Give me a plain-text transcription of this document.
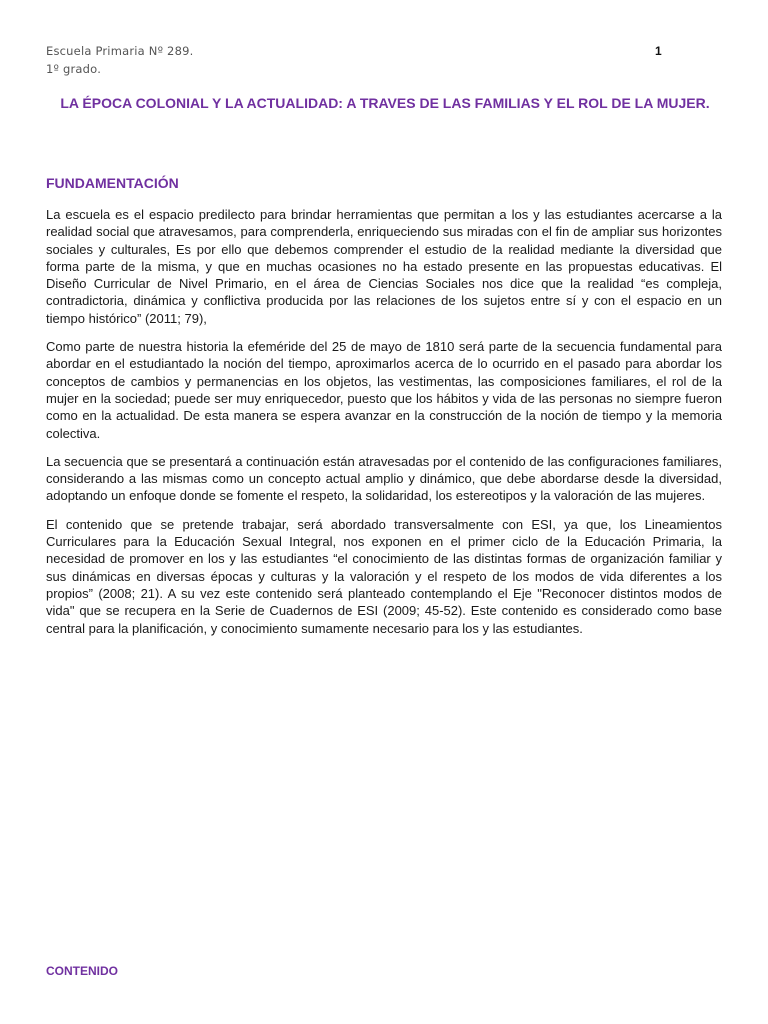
Escuela Primaria Nº 289.
1º grado.
1
LA ÉPOCA COLONIAL Y LA ACTUALIDAD: A TRAVES DE LAS FAMILIAS Y EL ROL DE LA MUJER.
FUNDAMENTACIÓN

La escuela es el espacio predilecto para brindar herramientas que permitan a los y las estudiantes acercarse a la realidad social que atravesamos, para comprenderla, enriqueciendo sus miradas con el fin de ampliar sus horizontes sociales y culturales, Es por ello que debemos comprender el estudio de la realidad mediante la diversidad que forma parte de la misma, y que en muchas ocasiones no ha estado presente en las propuestas educativas. El Diseño Curricular de Nivel Primario, en el área de Ciencias Sociales nos dice que la realidad “es compleja, contradictoria, dinámica y conflictiva producida por las relaciones de los sujetos entre sí y con el espacio en un tiempo histórico” (2011; 79),

Como parte de nuestra historia la efeméride del 25 de mayo de 1810 será parte de la secuencia fundamental para abordar en el estudiantado la noción del tiempo, aproximarlos acerca de lo ocurrido en el pasado para abordar los conceptos de cambios y permanencias en los objetos, las vestimentas, las composiciones familiares, el rol de la mujer en la sociedad; puede ser muy enriquecedor, puesto que los hábitos y vida de las personas no siempre fueron como en la actualidad. De esta manera se espera avanzar en la construcción de la noción de tiempo y la memoria colectiva.

La secuencia que se presentará a continuación están atravesadas por el contenido de las configuraciones familiares, considerando a las mismas como un concepto actual amplio y dinámico, que debe abordarse desde la diversidad, adoptando un enfoque donde se fomente el respeto, la solidaridad, los estereotipos y la valoración de las mujeres.

El contenido que se pretende trabajar, será abordado transversalmente con ESI, ya que, los Lineamientos Curriculares para la Educación Sexual Integral, nos exponen en el primer ciclo de la Educación Primaria, la necesidad de promover en los y las estudiantes “el conocimiento de las distintas formas de organización familiar y sus dinámicas en diversas épocas y culturas y la valoración y el respeto de los modos de vida diferentes a los propios” (2008; 21). A su vez este contenido será planteado contemplando el Eje "Reconocer distintos modos de vida" que se recupera en la Serie de Cuadernos de ESI (2009; 45-52). Este contenido es considerado como base central para la planificación, y conocimiento sumamente necesario para los y las estudiantes.

CONTENIDO
